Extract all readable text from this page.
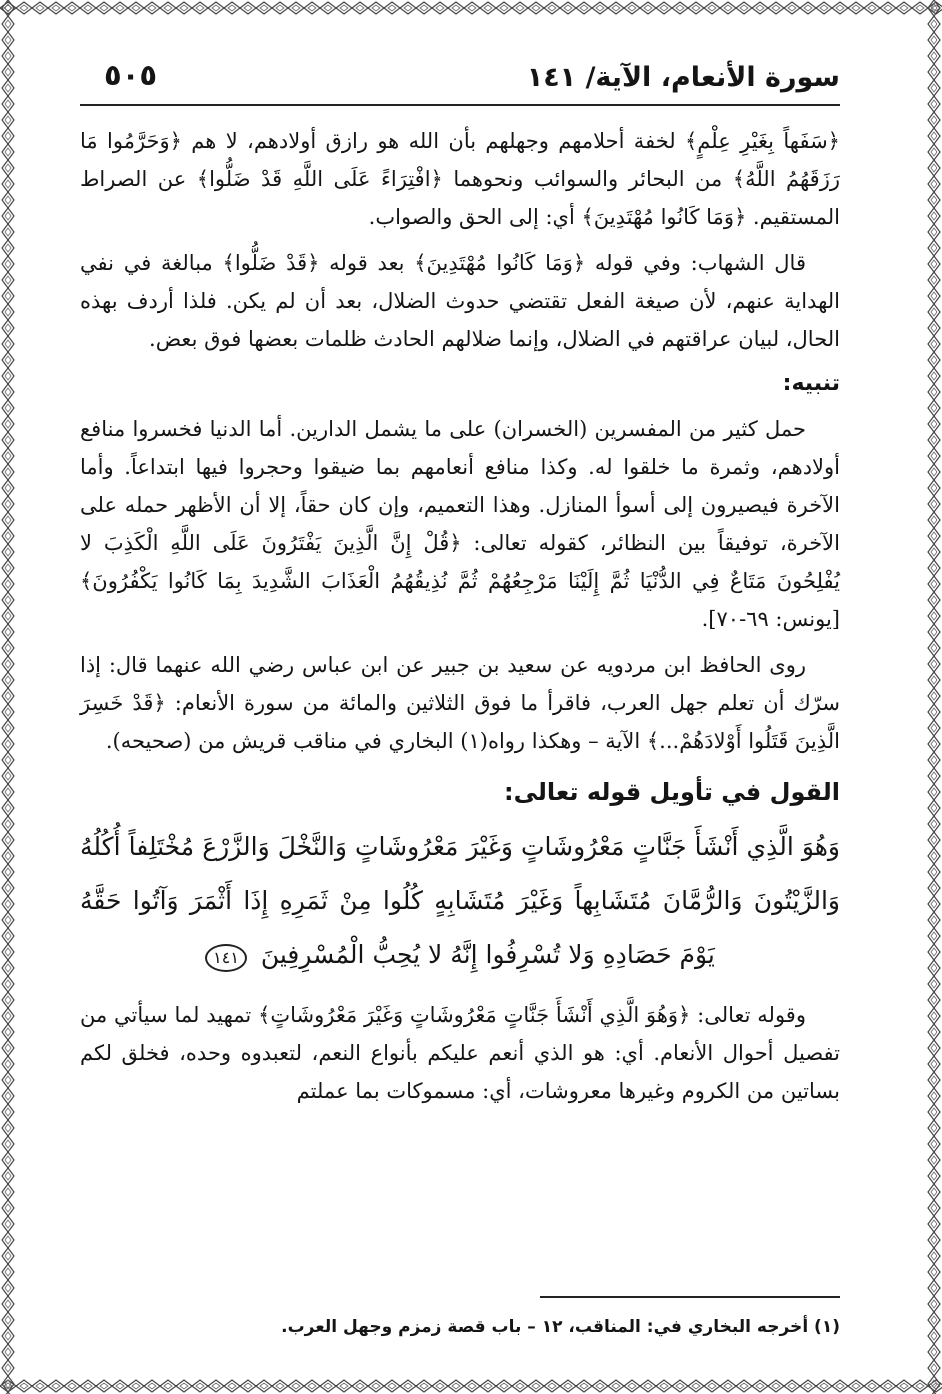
سورة الأنعام، الآية/ ١٤١
٥٠٥

﴿سَفَهاً بِغَيْرِ عِلْمٍ﴾ لخفة أحلامهم وجهلهم بأن الله هو رازق أولادهم، لا هم ﴿وَحَرَّمُوا مَا رَزَقَهُمُ اللَّهُ﴾ من البحائر والسوائب ونحوهما ﴿افْتِرَاءً عَلَى اللَّهِ قَدْ ضَلُّوا﴾ عن الصراط المستقيم. ﴿وَمَا كَانُوا مُهْتَدِينَ﴾ أي: إلى الحق والصواب.

قال الشهاب: وفي قوله ﴿وَمَا كَانُوا مُهْتَدِينَ﴾ بعد قوله ﴿قَدْ ضَلُّوا﴾ مبالغة في نفي الهداية عنهم، لأن صيغة الفعل تقتضي حدوث الضلال، بعد أن لم يكن. فلذا أردف بهذه الحال، لبيان عراقتهم في الضلال، وإنما ضلالهم الحادث ظلمات بعضها فوق بعض.

تنبيه:

حمل كثير من المفسرين (الخسران) على ما يشمل الدارين. أما الدنيا فخسروا منافع أولادهم، وثمرة ما خلقوا له. وكذا منافع أنعامهم بما ضيقوا وحجروا فيها ابتداعاً. وأما الآخرة فيصيرون إلى أسوأ المنازل. وهذا التعميم، وإن كان حقاً، إلا أن الأظهر حمله على الآخرة، توفيقاً بين النظائر، كقوله تعالى: ﴿قُلْ إِنَّ الَّذِينَ يَفْتَرُونَ عَلَى اللَّهِ الْكَذِبَ لا يُفْلِحُونَ مَتَاعٌ فِي الدُّنْيَا ثُمَّ إِلَيْنَا مَرْجِعُهُمْ ثُمَّ نُذِيقُهُمُ الْعَذَابَ الشَّدِيدَ بِمَا كَانُوا يَكْفُرُونَ﴾ [يونس: ٦٩-٧٠].

روى الحافظ ابن مردويه عن سعيد بن جبير عن ابن عباس رضي الله عنهما قال: إذا سرّك أن تعلم جهل العرب، فاقرأ ما فوق الثلاثين والمائة من سورة الأنعام: ﴿قَدْ خَسِرَ الَّذِينَ قَتَلُوا أَوْلادَهُمْ...﴾ الآية – وهكذا رواه(١) البخاري في مناقب قريش من (صحيحه).

القول في تأويل قوله تعالى:
وَهُوَ الَّذِي أَنْشَأَ جَنَّاتٍ مَعْرُوشَاتٍ وَغَيْرَ مَعْرُوشَاتٍ وَالنَّخْلَ وَالزَّرْعَ مُخْتَلِفاً أُكُلُهُ وَالزَّيْتُونَ وَالرُّمَّانَ مُتَشَابِهاً وَغَيْرَ مُتَشَابِهٍ كُلُوا مِنْ ثَمَرِهِ إِذَا أَثْمَرَ وَآتُوا حَقَّهُ يَوْمَ حَصَادِهِ وَلا تُسْرِفُوا إِنَّهُ لا يُحِبُّ الْمُسْرِفِينَ ١٤١

وقوله تعالى: ﴿وَهُوَ الَّذِي أَنْشَأَ جَنَّاتٍ مَعْرُوشَاتٍ وَغَيْرَ مَعْرُوشَاتٍ﴾ تمهيد لما سيأتي من تفصيل أحوال الأنعام. أي: هو الذي أنعم عليكم بأنواع النعم، لتعبدوه وحده، فخلق لكم بساتين من الكروم وغيرها معروشات، أي: مسموكات بما عملتم

(١) أخرجه البخاري في: المناقب، ١٢ – باب قصة زمزم وجهل العرب.
